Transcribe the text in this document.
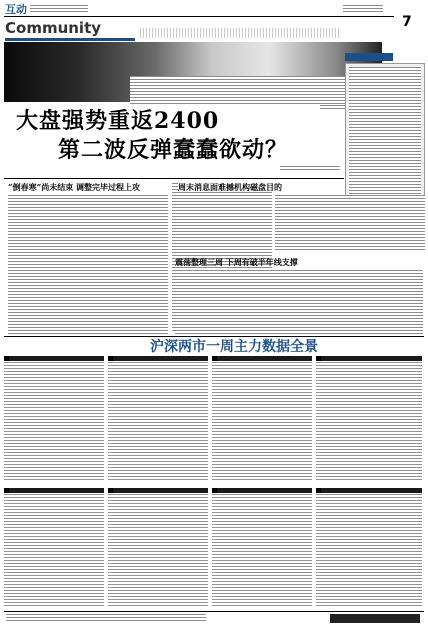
互动
7
Community
大盘强势重返2400
第二波反弹蠢蠢欲动？
“倒春寒”尚未结束 调整完毕过程上攻	周末消息面难撼机构磁盘目的
震荡整理三周 下周有破半年线支撑
沪深两市一周主力数据全景
